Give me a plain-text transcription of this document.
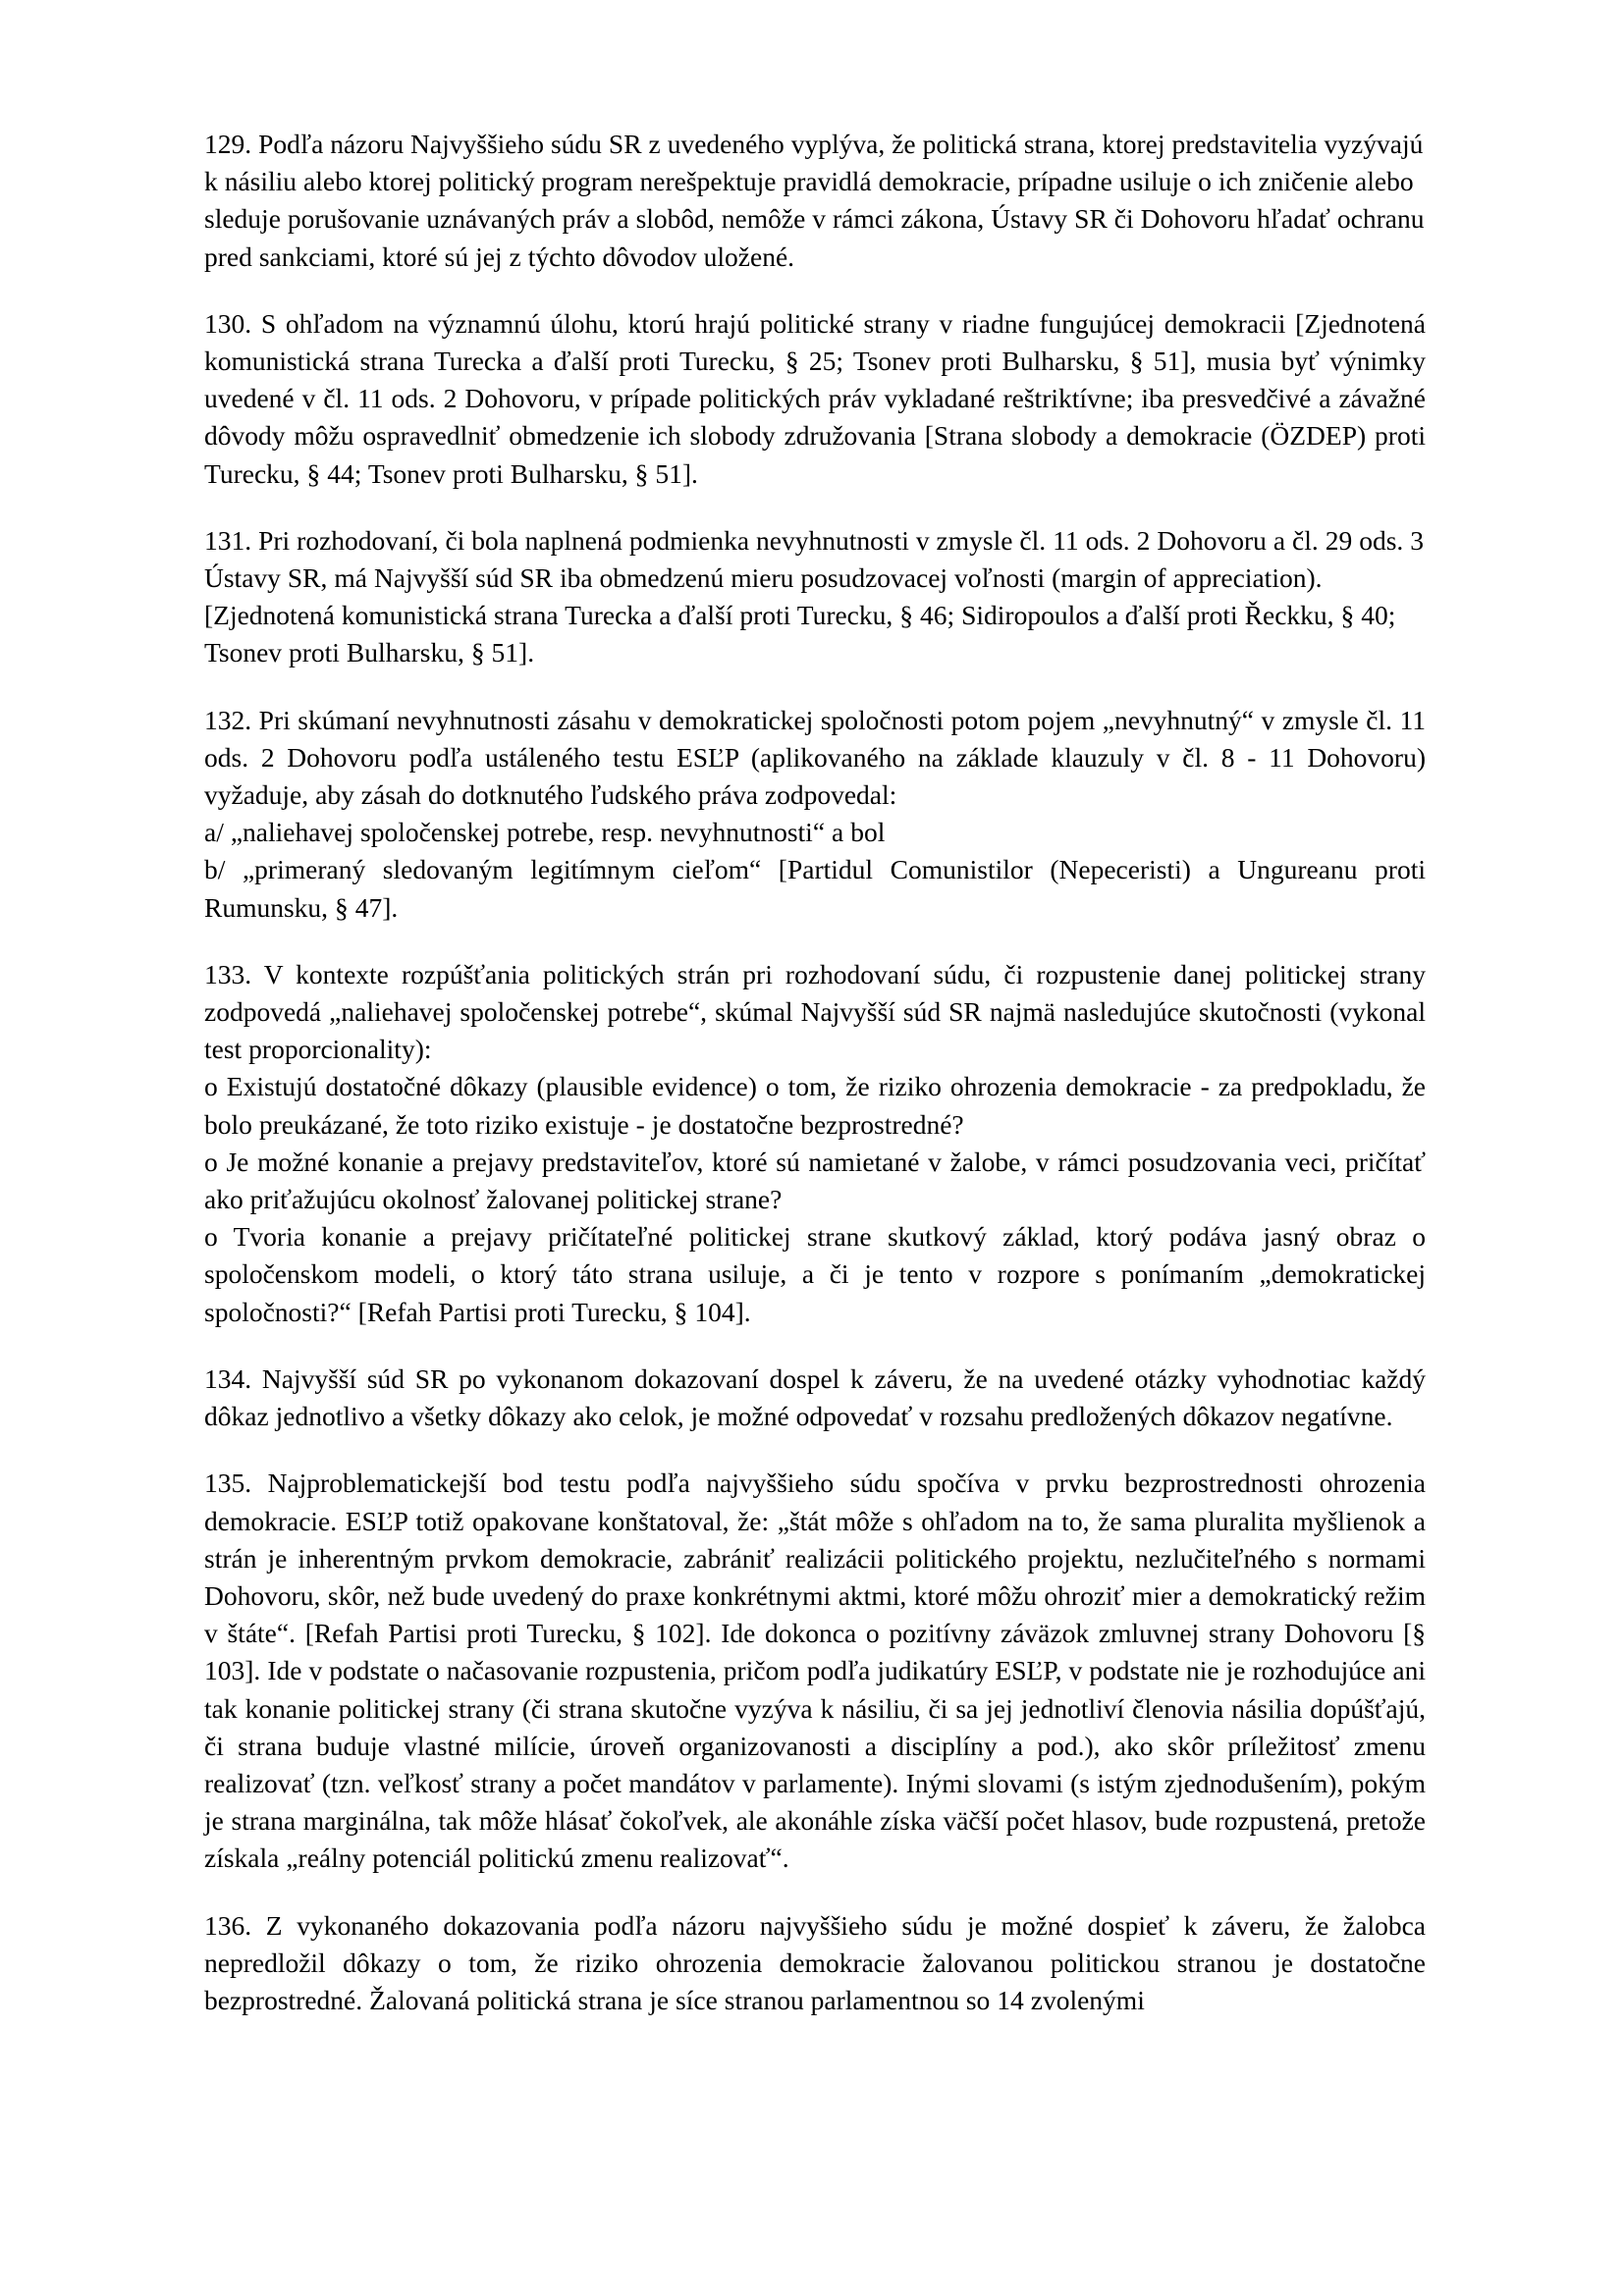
129. Podľa názoru Najvyššieho súdu SR z uvedeného vyplýva, že politická strana, ktorej predstavitelia vyzývajú k násiliu alebo ktorej politický program nerešpektuje pravidlá demokracie, prípadne usiluje o ich zničenie alebo sleduje porušovanie uznávaných práv a slobôd, nemôže v rámci zákona, Ústavy SR či Dohovoru hľadať ochranu pred sankciami, ktoré sú jej z týchto dôvodov uložené.

130. S ohľadom na významnú úlohu, ktorú hrajú politické strany v riadne fungujúcej demokracii [Zjednotená komunistická strana Turecka a ďalší proti Turecku, § 25; Tsonev proti Bulharsku, § 51], musia byť výnimky uvedené v čl. 11 ods. 2 Dohovoru, v prípade politických práv vykladané reštriktívne; iba presvedčivé a závažné dôvody môžu ospravedlniť obmedzenie ich slobody združovania [Strana slobody a demokracie (ÖZDEP) proti Turecku, § 44; Tsonev proti Bulharsku, § 51].

131. Pri rozhodovaní, či bola naplnená podmienka nevyhnutnosti v zmysle čl. 11 ods. 2 Dohovoru a čl. 29 ods. 3 Ústavy SR, má Najvyšší súd SR iba obmedzenú mieru posudzovacej voľnosti (margin of appreciation). [Zjednotená komunistická strana Turecka a ďalší proti Turecku, § 46; Sidiropoulos a ďalší proti Řeckku, § 40; Tsonev proti Bulharsku, § 51].

132. Pri skúmaní nevyhnutnosti zásahu v demokratickej spoločnosti potom pojem „nevyhnutný“ v zmysle čl. 11 ods. 2 Dohovoru podľa ustáleného testu ESĽP (aplikovaného na základe klauzuly v čl. 8 - 11 Dohovoru) vyžaduje, aby zásah do dotknutého ľudského práva zodpovedal:

a/ „naliehavej spoločenskej potrebe, resp. nevyhnutnosti“ a bol

b/ „primeraný sledovaným legitímnym cieľom“ [Partidul Comunistilor (Nepeceristi) a Ungureanu proti Rumunsku, § 47].

133. V kontexte rozpúšťania politických strán pri rozhodovaní súdu, či rozpustenie danej politickej strany zodpovedá „naliehavej spoločenskej potrebe“, skúmal Najvyšší súd SR najmä nasledujúce skutočnosti (vykonal test proporcionality):

o Existujú dostatočné dôkazy (plausible evidence) o tom, že riziko ohrozenia demokracie - za predpokladu, že bolo preukázané, že toto riziko existuje - je dostatočne bezprostredné?

o Je možné konanie a prejavy predstaviteľov, ktoré sú namietané v žalobe, v rámci posudzovania veci, pričítať ako priťažujúcu okolnosť žalovanej politickej strane?

o Tvoria konanie a prejavy pričítateľné politickej strane skutkový základ, ktorý podáva jasný obraz o spoločenskom modeli, o ktorý táto strana usiluje, a či je tento v rozpore s ponímaním „demokratickej spoločnosti?“ [Refah Partisi proti Turecku, § 104].

134. Najvyšší súd SR po vykonanom dokazovaní dospel k záveru, že na uvedené otázky vyhodnotiac každý dôkaz jednotlivo a všetky dôkazy ako celok, je možné odpovedať v rozsahu predložených dôkazov negatívne.

135. Najproblematickejší bod testu podľa najvyššieho súdu spočíva v prvku bezprostrednosti ohrozenia demokracie. ESĽP totiž opakovane konštatoval, že: „štát môže s ohľadom na to, že sama pluralita myšlienok a strán je inherentným prvkom demokracie, zabrániť realizácii politického projektu, nezlučiteľného s normami Dohovoru, skôr, než bude uvedený do praxe konkrétnymi aktmi, ktoré môžu ohroziť mier a demokratický režim v štáte“. [Refah Partisi proti Turecku, § 102]. Ide dokonca o pozitívny záväzok zmluvnej strany Dohovoru [§ 103]. Ide v podstate o načasovanie rozpustenia, pričom podľa judikatúry ESĽP, v podstate nie je rozhodujúce ani tak konanie politickej strany (či strana skutočne vyzýva k násiliu, či sa jej jednotliví členovia násilia dopúšťajú, či strana buduje vlastné milície, úroveň organizovanosti a disciplíny a pod.), ako skôr príležitosť zmenu realizovať (tzn. veľkosť strany a počet mandátov v parlamente). Inými slovami (s istým zjednodušením), pokým je strana marginálna, tak môže hlásať čokoľvek, ale akonáhle získa väčší počet hlasov, bude rozpustená, pretože získala „reálny potenciál politickú zmenu realizovať“.

136. Z vykonaného dokazovania podľa názoru najvyššieho súdu je možné dospieť k záveru, že žalobca nepredložil dôkazy o tom, že riziko ohrozenia demokracie žalovanou politickou stranou je dostatočne bezprostredné. Žalovaná politická strana je síce stranou parlamentnou so 14 zvolenými
